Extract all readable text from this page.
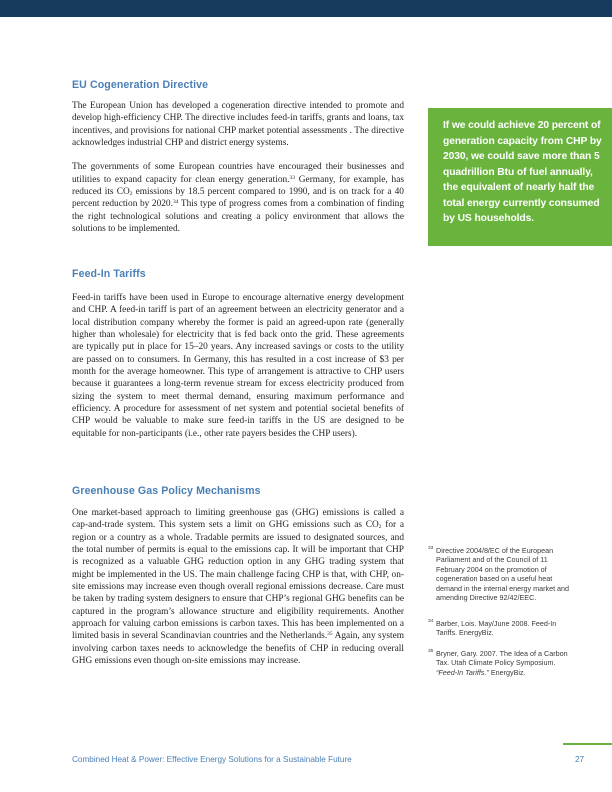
EU Cogeneration Directive

The European Union has developed a cogeneration directive intended to promote and develop high-efficiency CHP. The directive includes feed-in tariffs, grants and loans, tax incentives, and provisions for national CHP market potential assessments . The directive acknowledges industrial CHP and district energy systems.

The governments of some European countries have encouraged their businesses and utilities to expand capacity for clean energy generation.$^{33}$ Germany, for example, has reduced its $CO_2$ emissions by 18.5 percent compared to 1990, and is on track for a 40 percent reduction by 2020.34 This type of progress comes from a combination of finding the right technological solutions and creating a policy environment that allows the solutions to be implemented.

Feed-In Tariffs

Feed-in tariffs have been used in Europe to encourage alternative energy development and CHP. A feed-in tariff is part of an agreement between an electricity generator and a local distribution company whereby the former is paid an agreed-upon rate (generally higher than wholesale) for electricity that is fed back onto the grid. These agreements are typically put in place for 15–20 years. Any increased savings or costs to the utility are passed on to consumers. In Germany, this has resulted in a cost increase of $3 per month for the average homeowner. This type of arrangement is attractive to CHP users because it guarantees a long-term revenue stream for excess electricity produced from sizing the system to meet thermal demand, ensuring maximum performance and efficiency. A procedure for assessment of net system and potential societal benefits of CHP would be valuable to make sure feed-in tariffs in the US are designed to be equitable for non-participants (i.e., other rate payers besides the CHP users).

Greenhouse Gas Policy Mechanisms

One market-based approach to limiting greenhouse gas (GHG) emissions is called a cap-and-trade system. This system sets a limit on GHG emissions such as $CO_2$ for a region or a country as a whole. Tradable permits are issued to designated sources, and the total number of permits is equal to the emissions cap. It will be important that CHP is recognized as a valuable GHG reduction option in any GHG trading system that might be implemented in the US. The main challenge facing CHP is that, with CHP, on-site emissions may increase even though overall regional emissions decrease. Care must be taken by trading system designers to ensure that CHP’s regional GHG benefits can be captured in the program’s allowance structure and eligibility requirements. Another approach for valuing carbon emissions is carbon taxes. This has been implemented on a limited basis in several Scandinavian countries and the Netherlands.$^{35}$ Again, any system involving carbon taxes needs to acknowledge the benefits of CHP in reducing overall GHG emissions even though on-site emissions may increase.

If we could achieve 20 percent of generation capacity from CHP by 2030, we could save more than 5 quadrillion Btu of fuel annually, the equivalent of nearly half the total energy currently consumed by US households.
33 Directive 2004/8/EC of the European Parliament and of the Council of 11 February 2004 on the promotion of cogeneration based on a useful heat demand in the internal energy market and amending Directive 92/42/EEC.
34 Barber, Lois. May/June 2008. Feed-In Tariffs. EnergyBiz.
35 Bryner, Gary. 2007. The Idea of a Carbon Tax. Utah Climate Policy Symposium. “Feed-In Tariffs.” EnergyBiz.
Combined Heat & Power: Effective Energy Solutions for a Sustainable Future	27
